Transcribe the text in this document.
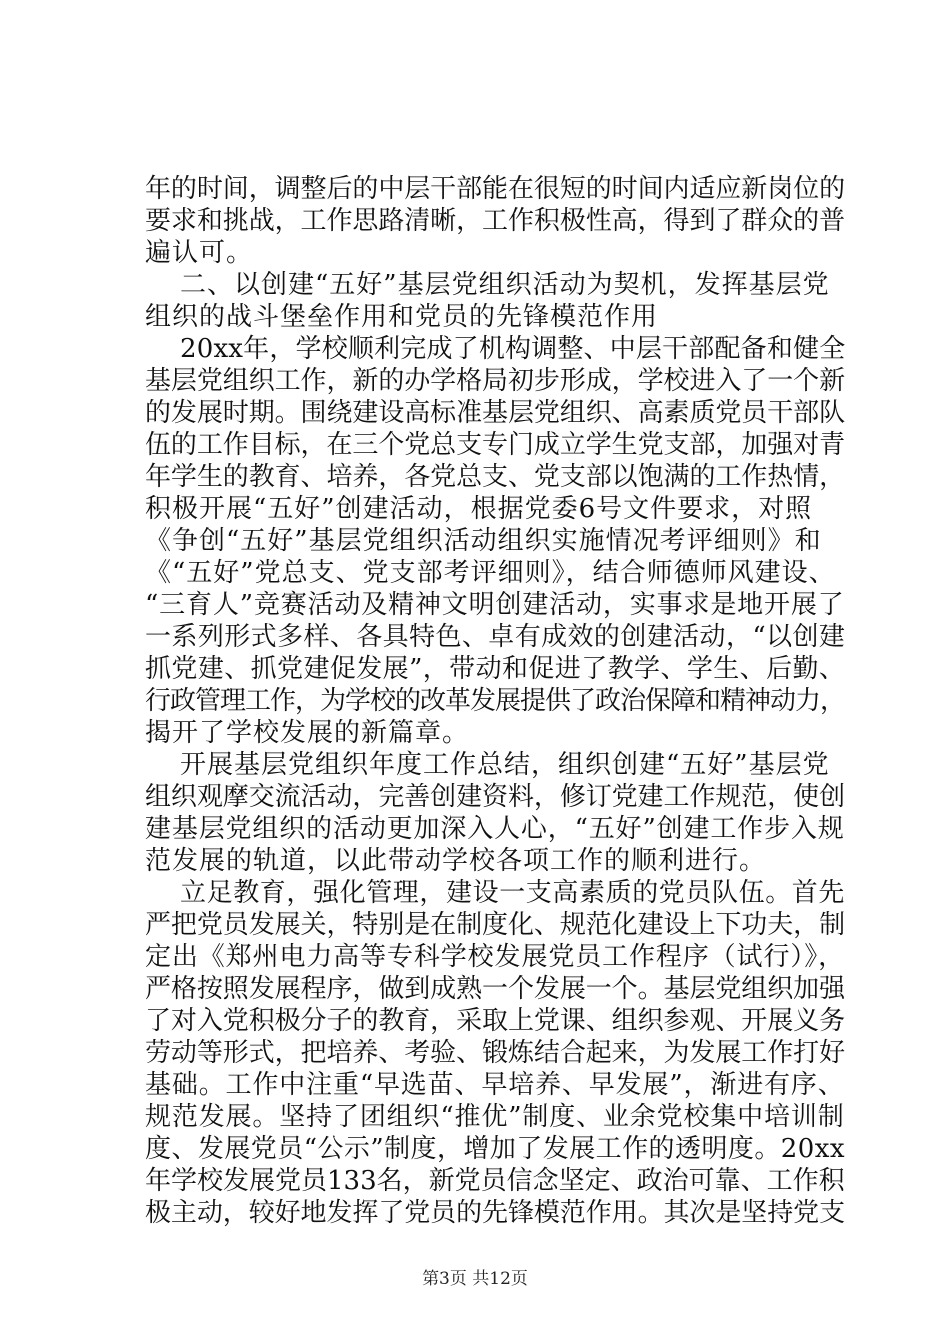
年的时间，调整后的中层干部能在很短的时间内适应新岗位的
要求和挑战，工作思路清晰，工作积极性高，得到了群众的普
遍认可。
二、以创建“五好”基层党组织活动为契机，发挥基层党
组织的战斗堡垒作用和党员的先锋模范作用
20xx年，学校顺利完成了机构调整、中层干部配备和健全
基层党组织工作，新的办学格局初步形成，学校进入了一个新
的发展时期。围绕建设高标准基层党组织、高素质党员干部队
伍的工作目标，在三个党总支专门成立学生党支部，加强对青
年学生的教育、培养，各党总支、党支部以饱满的工作热情，
积极开展“五好”创建活动，根据党委6号文件要求，对照
《争创“五好”基层党组织活动组织实施情况考评细则》和
《“五好”党总支、党支部考评细则》，结合师德师风建设、
“三育人”竞赛活动及精神文明创建活动，实事求是地开展了
一系列形式多样、各具特色、卓有成效的创建活动，“以创建
抓党建、抓党建促发展”，带动和促进了教学、学生、后勤、
行政管理工作，为学校的改革发展提供了政治保障和精神动力，
揭开了学校发展的新篇章。
开展基层党组织年度工作总结，组织创建“五好”基层党
组织观摩交流活动，完善创建资料，修订党建工作规范，使创
建基层党组织的活动更加深入人心，“五好”创建工作步入规
范发展的轨道，以此带动学校各项工作的顺利进行。
立足教育，强化管理，建设一支高素质的党员队伍。首先
严把党员发展关，特别是在制度化、规范化建设上下功夫，制
定出《郑州电力高等专科学校发展党员工作程序（试行）》，
严格按照发展程序，做到成熟一个发展一个。基层党组织加强
了对入党积极分子的教育，采取上党课、组织参观、开展义务
劳动等形式，把培养、考验、锻炼结合起来，为发展工作打好
基础。工作中注重“早选苗、早培养、早发展”，渐进有序、
规范发展。坚持了团组织“推优”制度、业余党校集中培训制
度、发展党员“公示”制度，增加了发展工作的透明度。20xx
年学校发展党员133名，新党员信念坚定、政治可靠、工作积
极主动，较好地发挥了党员的先锋模范作用。其次是坚持党支
第3页 共12页
